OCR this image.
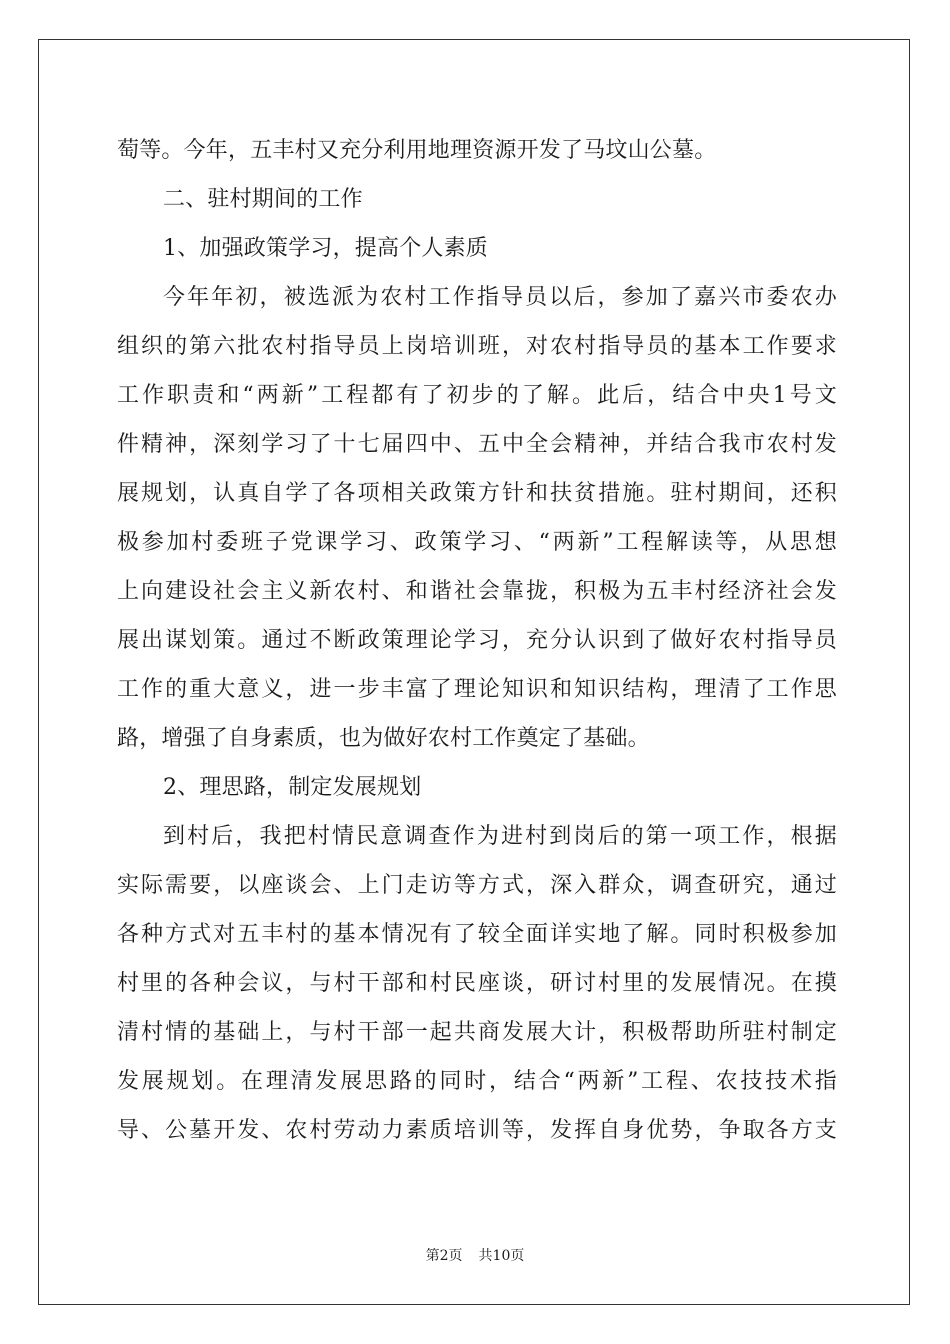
萄等。今年，五丰村又充分利用地理资源开发了马坟山公墓。
二、驻村期间的工作
1、加强政策学习，提高个人素质
今年年初，被选派为农村工作指导员以后，参加了嘉兴市委农办
组织的第六批农村指导员上岗培训班，对农村指导员的基本工作要求
工作职责和“两新”工程都有了初步的了解。此后，结合中央1号文
件精神，深刻学习了十七届四中、五中全会精神，并结合我市农村发
展规划，认真自学了各项相关政策方针和扶贫措施。驻村期间，还积
极参加村委班子党课学习、政策学习、“两新”工程解读等，从思想
上向建设社会主义新农村、和谐社会靠拢，积极为五丰村经济社会发
展出谋划策。通过不断政策理论学习，充分认识到了做好农村指导员
工作的重大意义，进一步丰富了理论知识和知识结构，理清了工作思
路，增强了自身素质，也为做好农村工作奠定了基础。
2、理思路，制定发展规划
到村后，我把村情民意调查作为进村到岗后的第一项工作，根据
实际需要，以座谈会、上门走访等方式，深入群众，调查研究，通过
各种方式对五丰村的基本情况有了较全面详实地了解。同时积极参加
村里的各种会议，与村干部和村民座谈，研讨村里的发展情况。在摸
清村情的基础上，与村干部一起共商发展大计，积极帮助所驻村制定
发展规划。在理清发展思路的同时，结合“两新”工程、农技技术指
导、公墓开发、农村劳动力素质培训等，发挥自身优势，争取各方支
第2页 共10页
